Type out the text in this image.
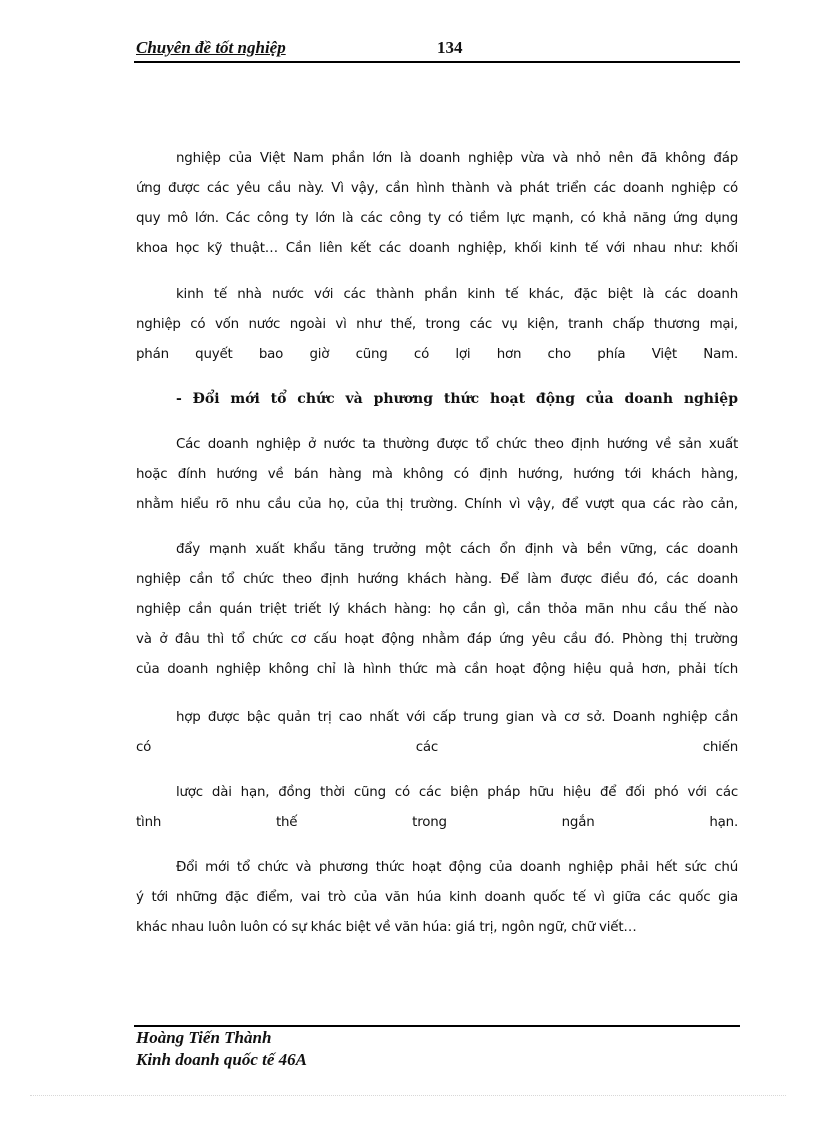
Chuyên đề tốt nghiệp	134

nghiệp của Việt Nam phần lớn là doanh nghiệp vừa và nhỏ nên đã không đáp

ứng được các yêu cầu này. Vì vậy, cần hình thành và phát triển các doanh nghiệp có

quy mô lớn. Các công ty lớn là các công ty có tiềm lực mạnh, có khả năng ứng dụng

khoa học kỹ thuật… Cần liên kết các doanh nghiệp, khối kinh tế với nhau như: khối

kinh tế nhà nước với các thành phần kinh tế khác, đặc biệt là các doanh

nghiệp có vốn nước ngoài vì như thế, trong các vụ kiện, tranh chấp thương mại,

phán quyết bao giờ cũng có lợi hơn cho phía Việt Nam.

- Đổi mới tổ chức và phương thức hoạt động của doanh nghiệp

Các doanh nghiệp ở nước ta thường được tổ chức theo định hướng về sản xuất

hoặc đính hướng về bán hàng mà không có định hướng, hướng tới khách hàng,

nhằm hiểu rõ nhu cầu của họ, của thị trường. Chính vì vậy, để vượt qua các rào cản,

đẩy mạnh xuất khẩu tăng trưởng một cách ổn định và bền vững, các doanh

nghiệp cần tổ chức theo định hướng khách hàng. Để làm được điều đó, các doanh

nghiệp cần quán triệt triết lý khách hàng: họ cần gì, cần thỏa mãn nhu cầu thế nào

và ở đâu thì tổ chức cơ cấu hoạt động nhằm đáp ứng yêu cầu đó. Phòng thị trường

của doanh nghiệp không chỉ là hình thức mà cần hoạt động hiệu quả hơn, phải tích

hợp được bậc quản trị cao nhất với cấp trung gian và cơ sở. Doanh nghiệp cần

có các chiến

lược dài hạn, đồng thời cũng có các biện pháp hữu hiệu để đối phó với các

tình thế trong ngắn hạn.

Đổi mới tổ chức và phương thức hoạt động của doanh nghiệp phải hết sức chú

ý tới những đặc điểm, vai trò của văn húa kinh doanh quốc tế vì giữa các quốc gia

khác nhau luôn luôn có sự khác biệt về văn húa: giá trị, ngôn ngữ, chữ viết…

Hoàng Tiến Thành
Kinh doanh quốc tế 46A
